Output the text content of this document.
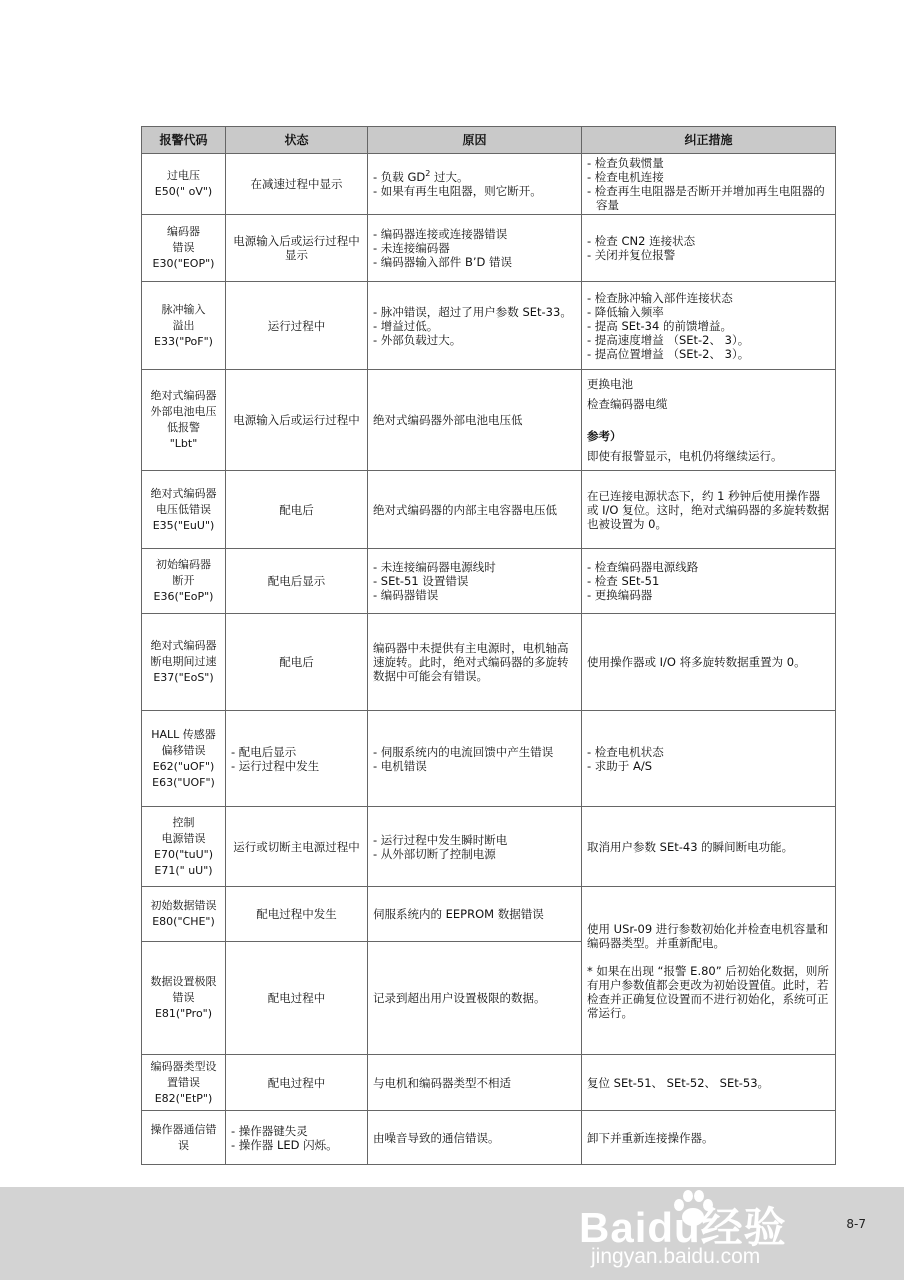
报警代码	状态	原因	纠正措施

过电压
E50(" oV")	在减速过程中显示	- 负载 $GD^2$ 过大。
- 如果有再生电阻器，则它断开。	- 检查负载惯量
- 检查电机连接
- 检查再生电阻器是否断开并增加再生电阻器的容量

编码器
错误
E30("EOP")	电源输入后或运行过程中显示	- 编码器连接或连接器错误
- 未连接编码器
- 编码器输入部件 B’D 错误	- 检查 CN2 连接状态
- 关闭并复位报警

脉冲输入
溢出
E33("PoF")	运行过程中	- 脉冲错误，超过了用户参数 SEt-33。
- 增益过低。
- 外部负载过大。	- 检查脉冲输入部件连接状态
- 降低输入频率
- 提高 SEt-34 的前馈增益。
- 提高速度增益 （SEt-2、 3）。
- 提高位置增益 （SEt-2、 3）。

绝对式编码器外部电池电压低报警
"Lbt"	电源输入后或运行过程中	绝对式编码器外部电池电压低	更换电池
检查编码器电缆
参考）
即使有报警显示，电机仍将继续运行。

绝对式编码器电压低错误
E35("EuU")	配电后	绝对式编码器的内部主电容器电压低	在已连接电源状态下，约 1 秒钟后使用操作器或 I/O 复位。这时，绝对式编码器的多旋转数据也被设置为 0。

初始编码器
断开
E36("EoP")	配电后显示	- 未连接编码器电源线时
- SEt-51 设置错误
- 编码器错误	- 检查编码器电源线路
- 检查 SEt-51
- 更换编码器

绝对式编码器断电期间过速
E37("EoS")	配电后	编码器中未提供有主电源时，电机轴高速旋转。此时，绝对式编码器的多旋转数据中可能会有错误。	使用操作器或 I/O 将多旋转数据重置为 0。

HALL 传感器
偏移错误
E62("uOF")
E63("UOF")	- 配电后显示
- 运行过程中发生	- 伺服系统内的电流回馈中产生错误
- 电机错误	- 检查电机状态
- 求助于 A/S

控制
电源错误
E70("tuU")
E71(" uU")	运行或切断主电源过程中	- 运行过程中发生瞬时断电
- 从外部切断了控制电源	取消用户参数 SEt-43 的瞬间断电功能。

初始数据错误
E80("CHE")	配电过程中发生	伺服系统内的 EEPROM 数据错误	使用 USr-09 进行参数初始化并检查电机容量和编码器类型。并重新配电。
* 如果在出现 “报警 E.80” 后初始化数据，则所有用户参数值都会更改为初始设置值。此时，若检查并正确复位设置而不进行初始化，系统可正常运行。

数据设置极限错误
E81("Pro")	配电过程中	记录到超出用户设置极限的数据。	

编码器类型设置错误
E82("EtP")	配电过程中	与电机和编码器类型不相适	复位 SEt-51、 SEt-52、 SEt-53。
操作器通信错误	- 操作器键失灵
- 操作器 LED 闪烁。	由噪音导致的通信错误。	卸下并重新连接操作器。
Baidu经验
jingyan.baidu.com
8-7
